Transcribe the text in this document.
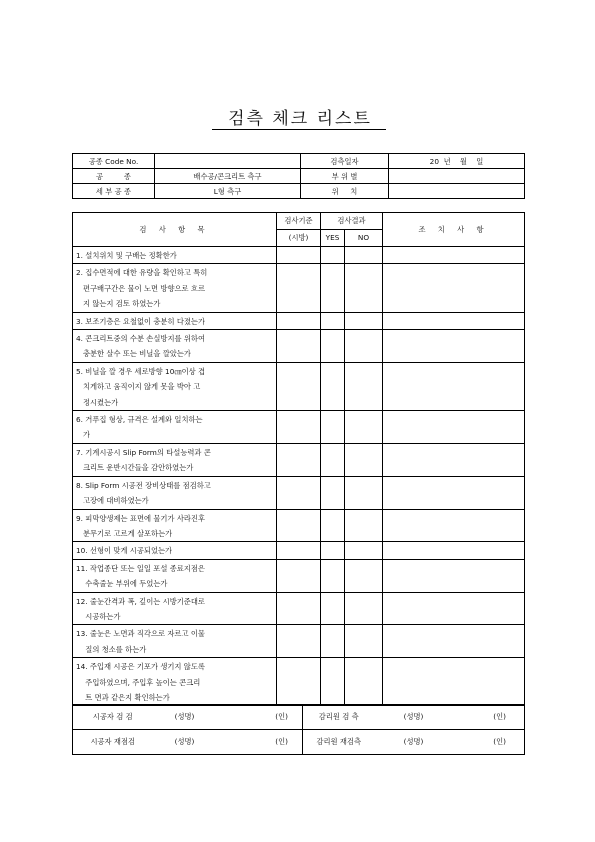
검측 체크 리스트
공종 Code No.		검측일자	20  년    월    일
공         종	배수공/콘크리트 측구	부 위 별	
세 부 공 종	L형 측구	위     치	
검 사 항 목	검사기준	검사결과		조 치 사 항
	(시방)	YES	NO	

1. 설치위치 및 구배는 정확한가				

2. 집수면적에 대한 유량을 확인하고 특히
편구배구간은 물이 노면 방향으로 흐르
지 않는지 검토 하였는가				

3. 보조기층은 요철없이 충분히 다졌는가				

4. 콘크리트중의 수분 손실방지를 위하여
충분한 살수 또는 비닐을 깔았는가				

5. 비닐을 깔 경우 세로방향 10㎝이상 겹
치게하고 움직이지 않게 못을 박아 고
정시켰는가				

6. 거푸집 형상, 규격은 설계와 일치하는
가				

7. 기계시공시 Slip Form의 타설능력과 콘
크리트 운반시간들을 감안하였는가				

8. Slip Form 시공전 장비상태를 점검하고
고장에 대비하였는가				

9. 피막양생제는 표면에 물기가 사라진후
분무기로 고르게 살포하는가				

10. 선형이 맞게 시공되었는가				

11. 작업종단 또는 일일 포설 종료지점은
수축줄눈 부위에 두었는가				

12. 줄눈간격과 폭, 깊이는 시방기준대로
시공하는가				

13. 줄눈은 노면과 직각으로 자르고 이물
질의 청소를 하는가				

14. 주입재 시공은 기포가 생기지 않도록
주입하였으며, 주입후 높이는 콘크리
트 면과 같은지 확인하는가				

시공자 검 검	(성명)	(인)	감리원 검 측	(성명)	(인)
시공자 재점검	(성명)	(인)	감리원 재검측	(성명)	(인)
